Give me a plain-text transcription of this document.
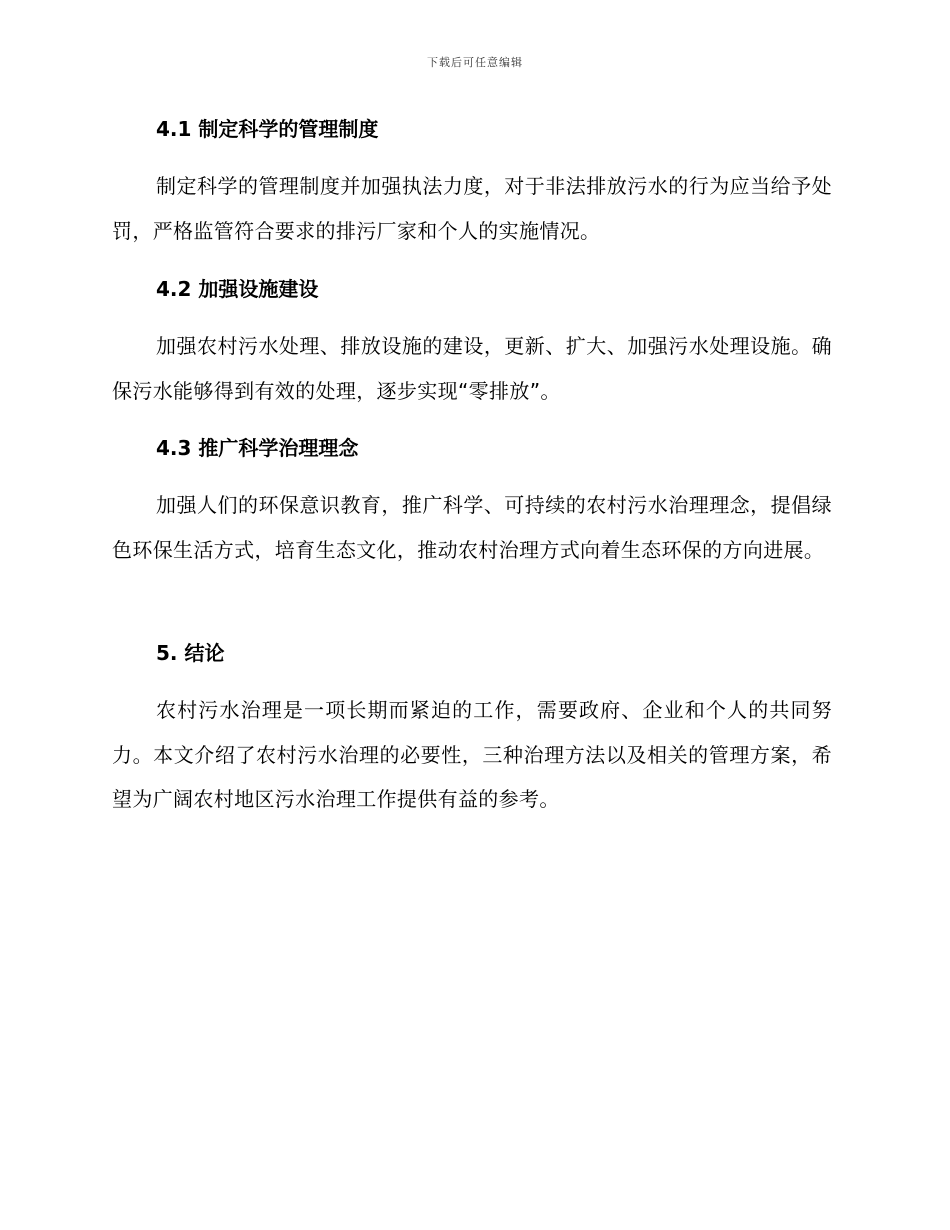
下载后可任意编辑
4.1 制定科学的管理制度
制定科学的管理制度并加强执法力度，对于非法排放污水的行为应当给予处罚，严格监管符合要求的排污厂家和个人的实施情况。
4.2 加强设施建设
加强农村污水处理、排放设施的建设，更新、扩大、加强污水处理设施。确保污水能够得到有效的处理，逐步实现“零排放”。
4.3 推广科学治理理念
加强人们的环保意识教育，推广科学、可持续的农村污水治理理念，提倡绿色环保生活方式，培育生态文化，推动农村治理方式向着生态环保的方向进展。
5. 结论
农村污水治理是一项长期而紧迫的工作，需要政府、企业和个人的共同努力。本文介绍了农村污水治理的必要性，三种治理方法以及相关的管理方案，希望为广阔农村地区污水治理工作提供有益的参考。
